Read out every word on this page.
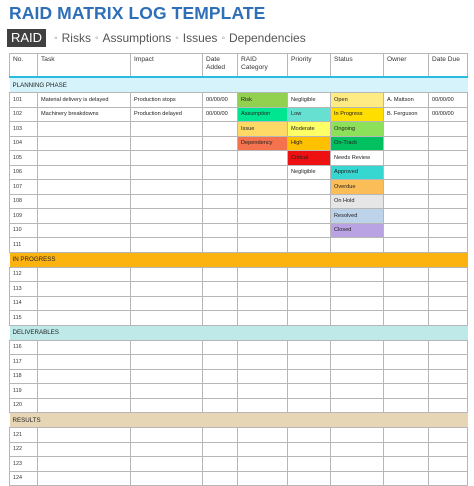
RAID MATRIX LOG TEMPLATE
RAID	◦ Risks ◦ Assumptions ◦ Issues ◦ Dependencies
No.	Task	Impact	Date Added	RAID Category	Priority	Status	Owner	Date Due
PLANNING PHASE								
101	Material delivery is delayed	Production stops	00/00/00	Risk	Negligible	Open	A. Mattson	00/00/00
102	Machinery breakdowns	Production delayed	00/00/00	Assumption	Low	In Progress	B. Ferguson	00/00/00
103				Issue	Moderate	Ongoing		
104				Dependency	High	On-Track		
105					Critical	Needs Review		
106					Negligible	Approved		
107						Overdue		
108						On Hold		
109						Resolved		
110						Closed		
111								
IN PROGRESS								
112								
113								
114								
115								
DELIVERABLES								
116								
117								
118								
119								
120								
RESULTS								
121								
122								
123								
124								
